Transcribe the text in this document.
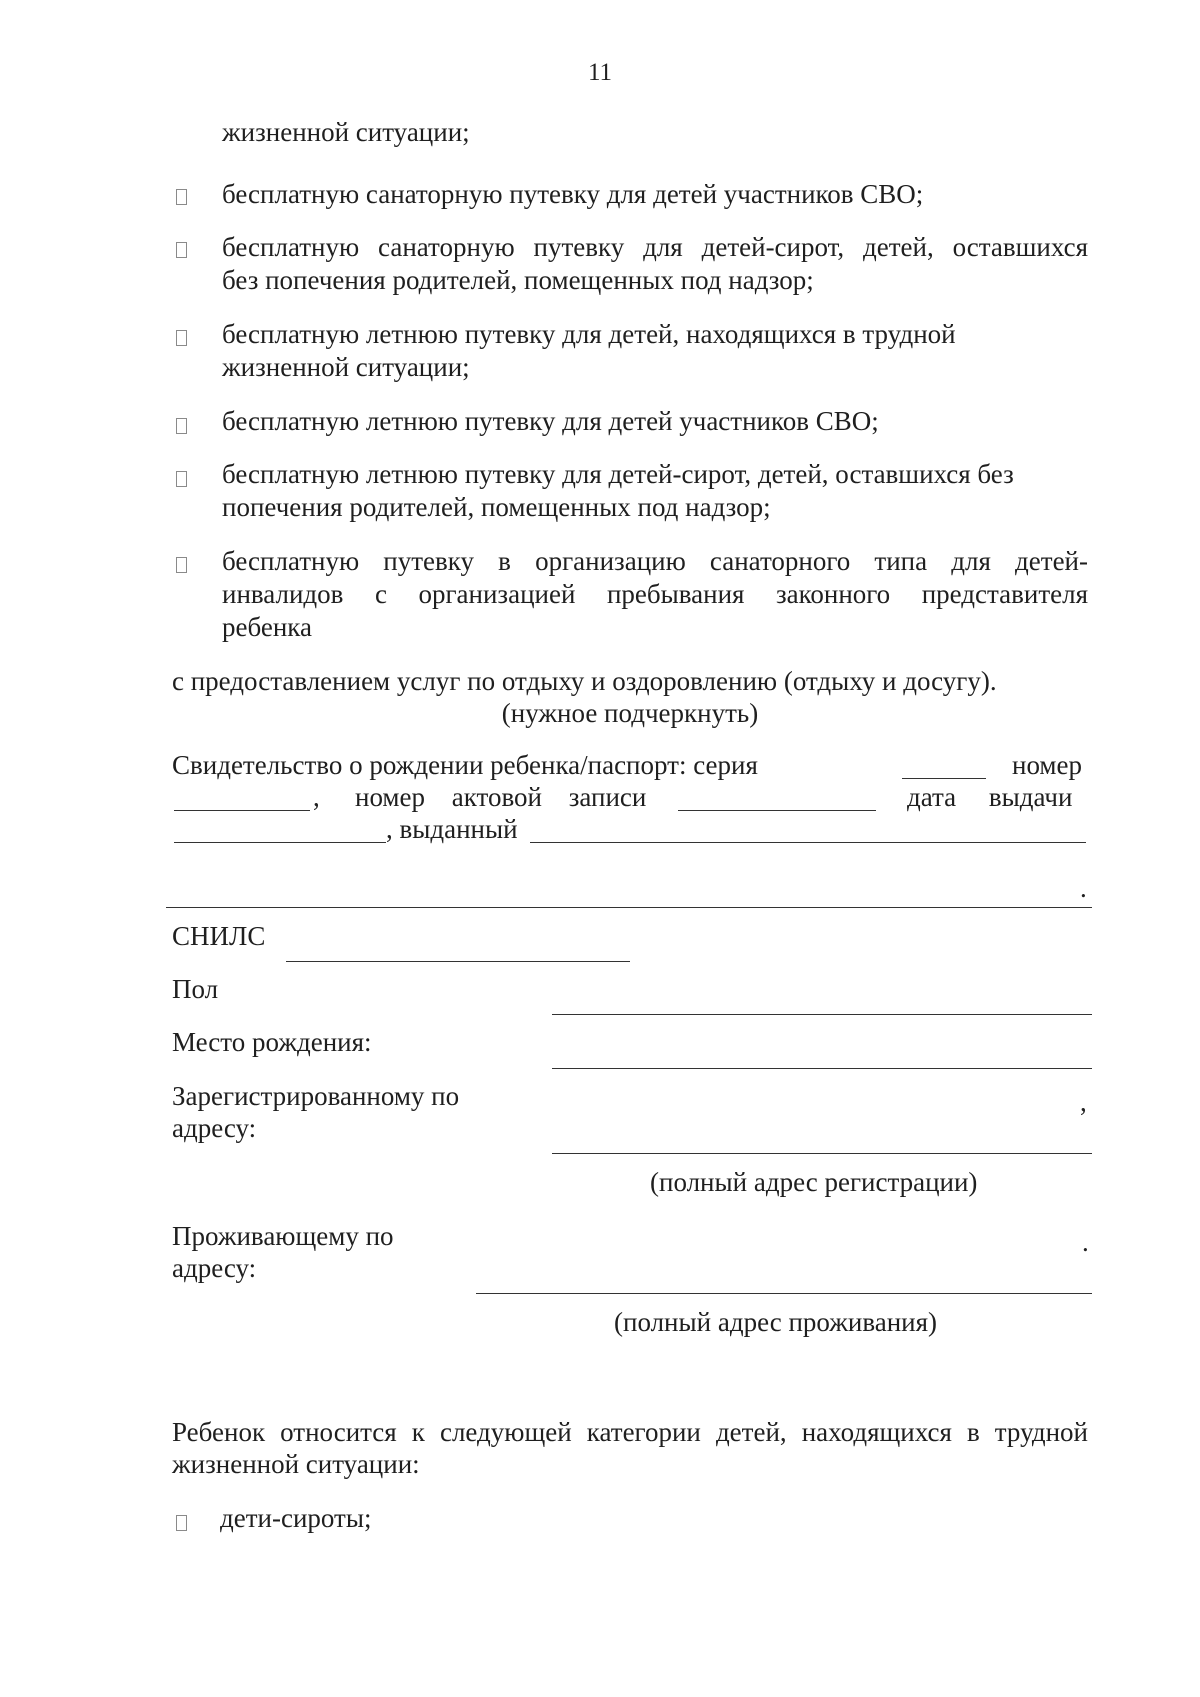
11
жизненной ситуации;
бесплатную санаторную путевку для детей участников СВО;
бесплатную санаторную путевку для детей-сирот, детей, оставшихся
без попечения родителей, помещенных под надзор;
бесплатную летнюю путевку для детей, находящихся в трудной
жизненной ситуации;
бесплатную летнюю путевку для детей участников СВО;
бесплатную летнюю путевку для детей-сирот, детей, оставшихся без
попечения родителей, помещенных под надзор;
бесплатную путевку в организацию санаторного типа для детей-
инвалидов с организацией пребывания законного представителя
ребенка
с предоставлением услуг по отдыху и оздоровлению (отдыху и досугу).
(нужное подчеркнуть)
Свидетельство о рождении ребенка/паспорт: серия	номер
, номер актовой записи	дата выдачи
, выданный
.
СНИЛС
Пол
Место рождения:
Зарегистрированному по
адресу:
,
(полный адрес регистрации)
Проживающему по
адресу:
.
(полный адрес проживания)
Ребенок относится к следующей категории детей, находящихся в трудной
жизненной ситуации:
дети-сироты;
